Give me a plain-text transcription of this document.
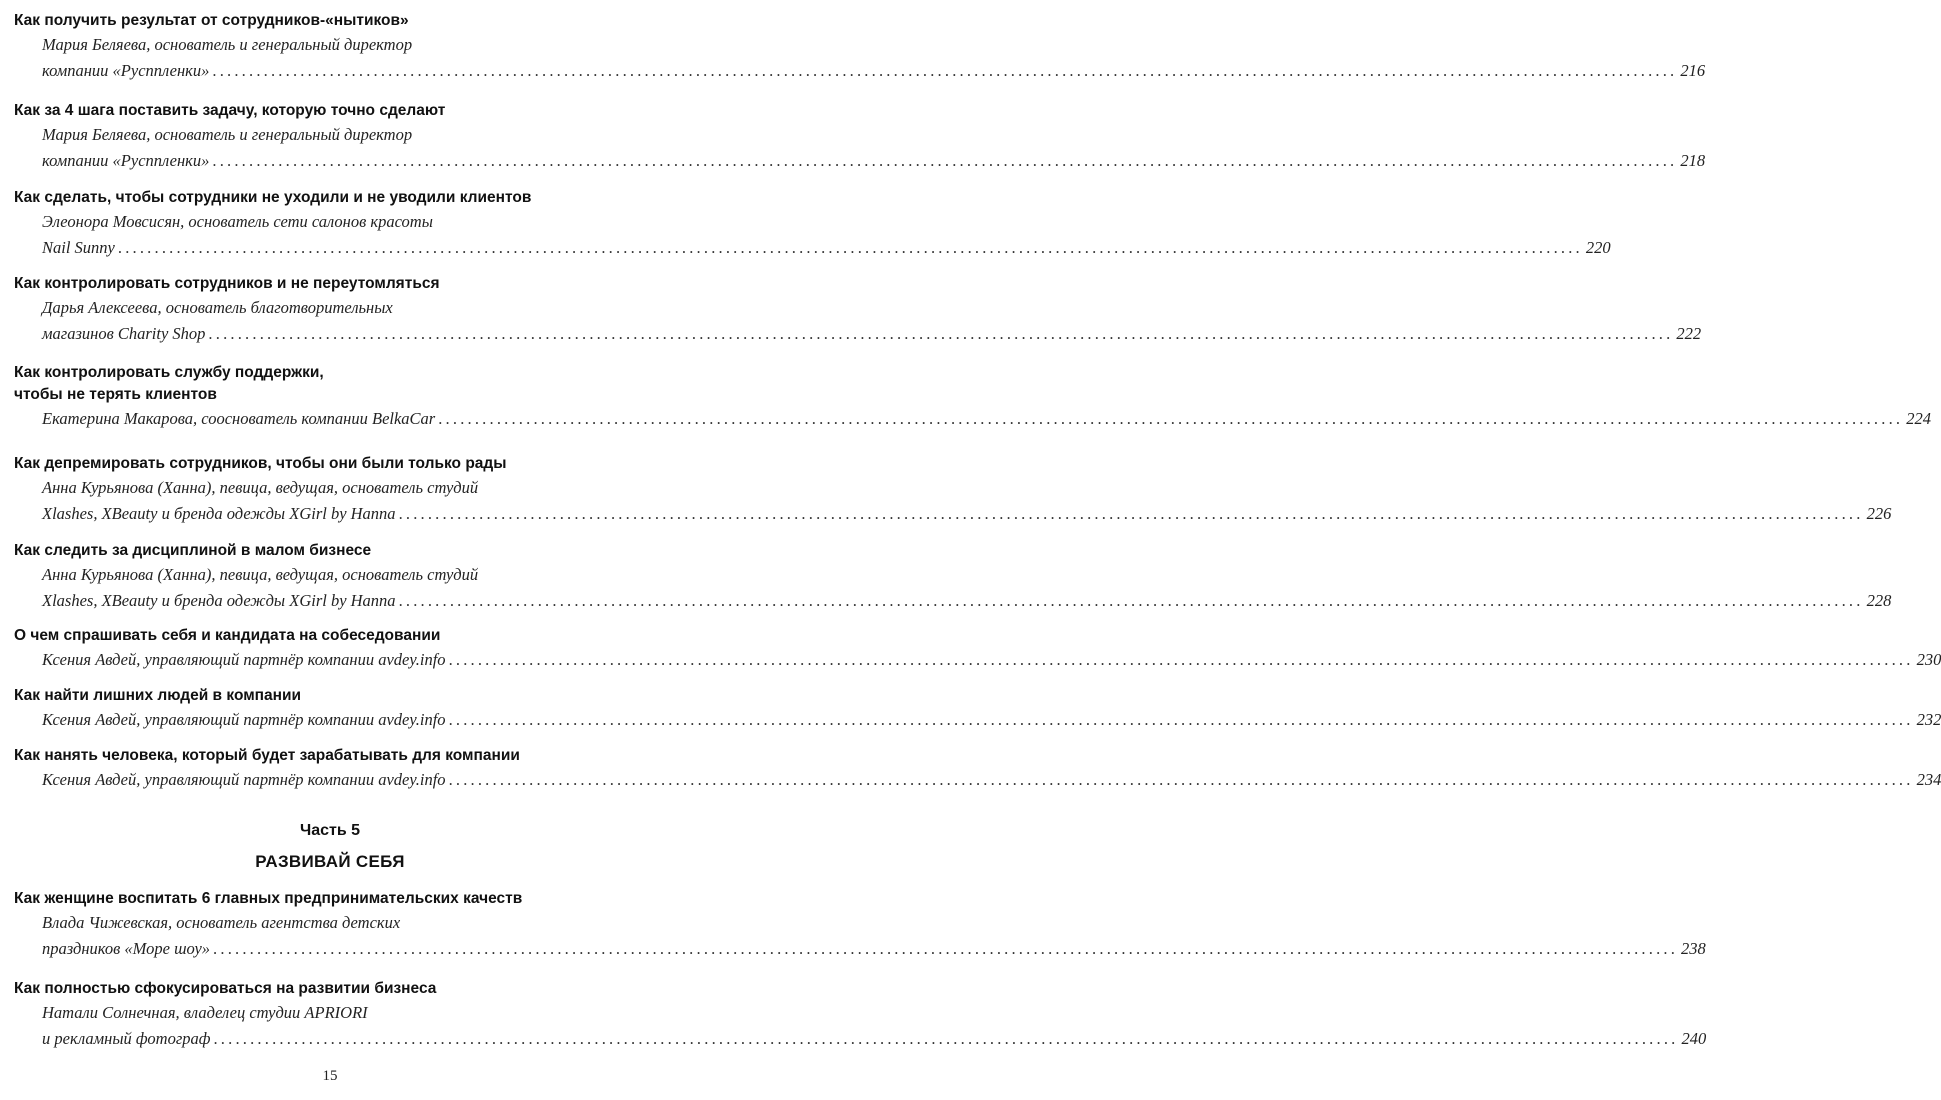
Как получить результат от сотрудников-«нытиков»
Мария Беляева, основатель и генеральный директор
компании «Русппленки» ........................................................................................................................................................................................................ 216
Как за 4 шага поставить задачу, которую точно сделают
Мария Беляева, основатель и генеральный директор
компании «Русппленки» ........................................................................................................................................................................................................ 218
Как сделать, чтобы сотрудники не уходили и не уводили клиентов
Элеонора Мовсисян, основатель сети салонов красоты
Nail Sunny ........................................................................................................................................................................................................ 220
Как контролировать сотрудников и не переутомляться
Дарья Алексеева, основатель благотворительных
магазинов Charity Shop ........................................................................................................................................................................................................ 222
Как контролировать службу поддержки,
чтобы не терять клиентов
Екатерина Макарова, сооснователь компании BelkaCar ........................................................................................................................................................................................................ 224
Как депремировать сотрудников, чтобы они были только рады
Анна Курьянова (Ханна), певица, ведущая, основатель студий
Xlashes, XBeauty и бренда одежды XGirl by Hanna ........................................................................................................................................................................................................ 226
Как следить за дисциплиной в малом бизнесе
Анна Курьянова (Ханна), певица, ведущая, основатель студий
Xlashes, XBeauty и бренда одежды XGirl by Hanna ........................................................................................................................................................................................................ 228
О чем спрашивать себя и кандидата на собеседовании
Ксения Авдей, управляющий партнёр компании avdey.info ........................................................................................................................................................................................................ 230
Как найти лишних людей в компании
Ксения Авдей, управляющий партнёр компании avdey.info ........................................................................................................................................................................................................ 232
Как нанять человека, который будет зарабатывать для компании
Ксения Авдей, управляющий партнёр компании avdey.info ........................................................................................................................................................................................................ 234
Как женщине воспитать 6 главных предпринимательских качеств
Влада Чижевская, основатель агентства детских
праздников «Море шоу» ........................................................................................................................................................................................................ 238
Как полностью сфокусироваться на развитии бизнеса
Натали Солнечная, владелец студии APRIORI
и рекламный фотограф ........................................................................................................................................................................................................ 240
Часть 5
РАЗВИВАЙ СЕБЯ
15
